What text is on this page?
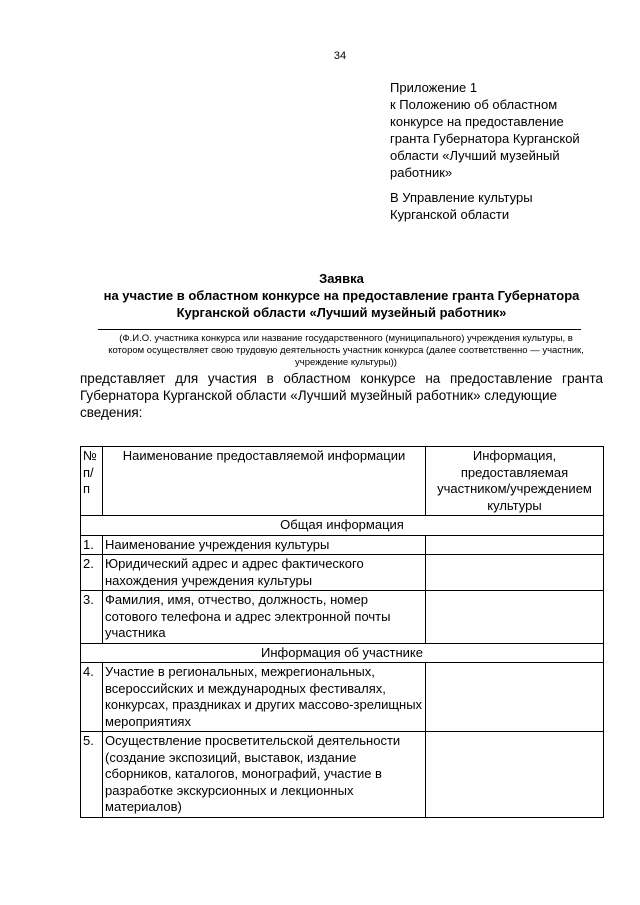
34
Приложение 1
к Положению об областном
конкурсе на предоставление
гранта Губернатора Курганской
области «Лучший музейный
работник»
В Управление культуры
Курганской области
Заявка
на участие в областном конкурсе на предоставление гранта Губернатора
Курганской области «Лучший музейный работник»
(Ф.И.О. участника конкурса или название государственного (муниципального) учреждения культуры, в котором осуществляет свою трудовую деятельность участник конкурса (далее соответственно — участник, учреждение культуры))
представляет для участия в областном конкурсе на предоставление гранта Губернатора Курганской области «Лучший музейный работник» следующие
сведения:
№ п/п	Наименование предоставляемой информации	Информация, предоставляемая участником/учреждением культуры
Общая информация		
1.	Наименование учреждения культуры	
2.	Юридический адрес и адрес фактического нахождения учреждения культуры	
3.	Фамилия, имя, отчество, должность, номер сотового телефона и адрес электронной почты участника	
Информация об участнике		
4.	Участие в региональных, межрегиональных, всероссийских и международных фестивалях, конкурсах, праздниках и других массово-зрелищных мероприятиях	
5.	Осуществление просветительской деятельности (создание экспозиций, выставок, издание сборников, каталогов, монографий, участие в разработке экскурсионных и лекционных материалов)	
